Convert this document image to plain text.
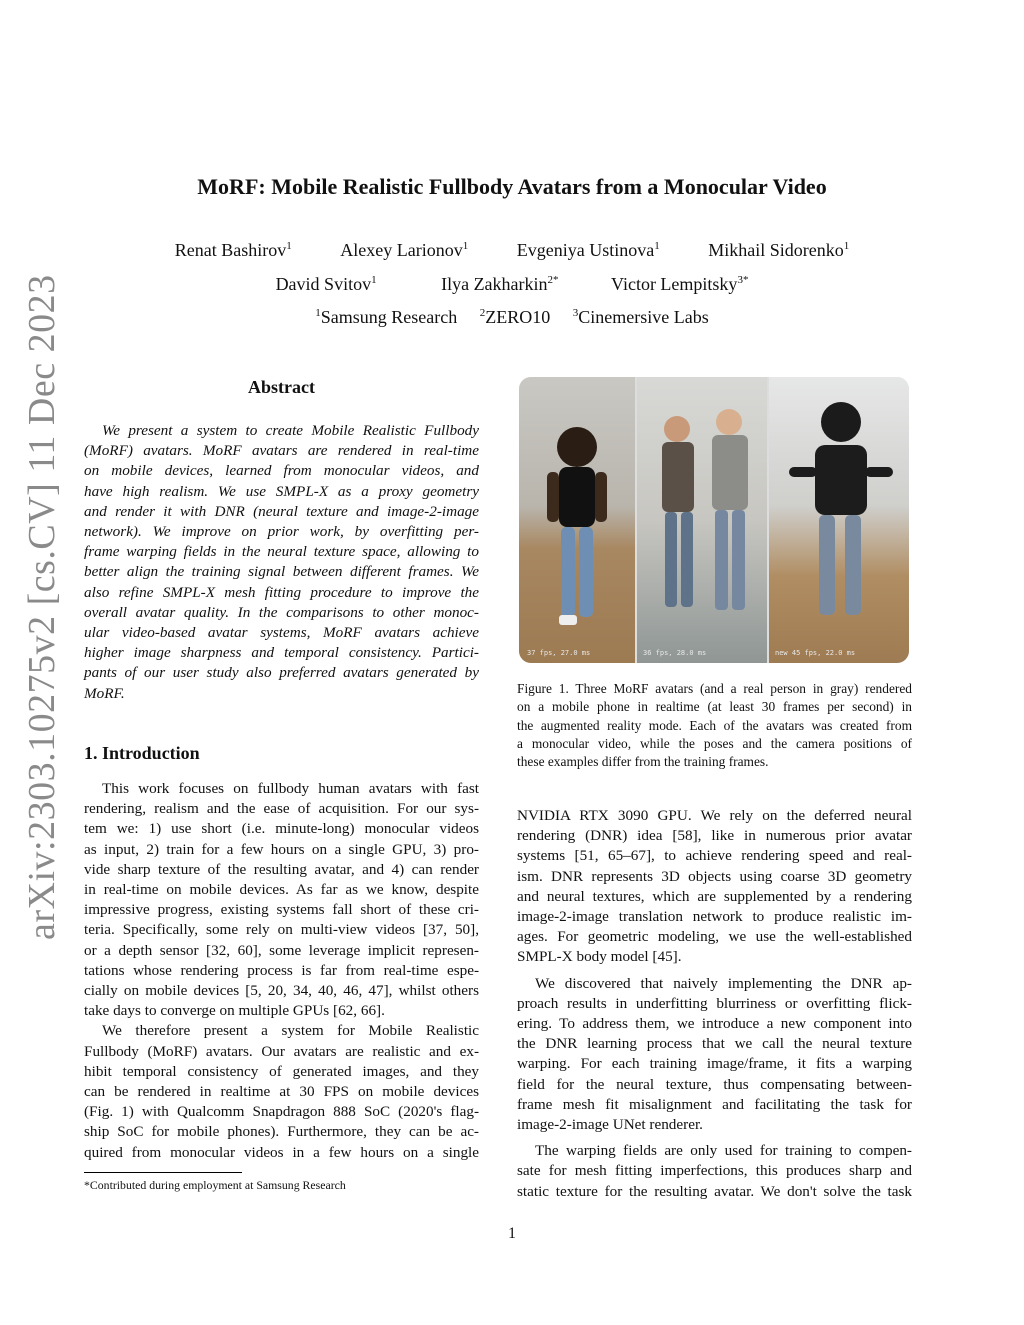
arXiv:2303.10275v2 [cs.CV] 11 Dec 2023
MoRF: Mobile Realistic Fullbody Avatars from a Monocular Video
Renat Bashirov$^1$	Alexey Larionov$^1$	Evgeniya Ustinova$^1$	Mikhail Sidorenko$^1$
David Svitov$^1$	Ilya Zakharkin$^{2*}$	Victor Lempitsky$^{3*}$
$^1$Samsung Research $^2$ZERO10 $^3$Cinemersive Labs
Abstract
We present a system to create Mobile Realistic Fullbody
(MoRF) avatars. MoRF avatars are rendered in real-time
on mobile devices, learned from monocular videos, and
have high realism. We use SMPL-X as a proxy geometry
and render it with DNR (neural texture and image-2-image
network). We improve on prior work, by overfitting per-
frame warping fields in the neural texture space, allowing to
better align the training signal between different frames. We
also refine SMPL-X mesh fitting procedure to improve the
overall avatar quality. In the comparisons to other monoc-
ular video-based avatar systems, MoRF avatars achieve
higher image sharpness and temporal consistency. Partici-
pants of our user study also preferred avatars generated by
MoRF.
1. Introduction
This work focuses on fullbody human avatars with fast
rendering, realism and the ease of acquisition. For our sys-
tem we: 1) use short (i.e. minute-long) monocular videos
as input, 2) train for a few hours on a single GPU, 3) pro-
vide sharp texture of the resulting avatar, and 4) can render
in real-time on mobile devices. As far as we know, despite
impressive progress, existing systems fall short of these cri-
teria. Specifically, some rely on multi-view videos [37, 50],
or a depth sensor [32, 60], some leverage implicit represen-
tations whose rendering process is far from real-time espe-
cially on mobile devices [5, 20, 34, 40, 46, 47], whilst others
take days to converge on multiple GPUs [62, 66].
We therefore present a system for Mobile Realistic
Fullbody (MoRF) avatars. Our avatars are realistic and ex-
hibit temporal consistency of generated images, and they
can be rendered in realtime at 30 FPS on mobile devices
(Fig. 1) with Qualcomm Snapdragon 888 SoC (2020's flag-
ship SoC for mobile phones). Furthermore, they can be ac-
quired from monocular videos in a few hours on a single
*Contributed during employment at Samsung Research
37 fps, 27.0 ms	36 fps, 28.0 ms	new 45 fps, 22.0 ms
Figure 1. Three MoRF avatars (and a real person in gray) rendered
on a mobile phone in realtime (at least 30 frames per second) in
the augmented reality mode. Each of the avatars was created from
a monocular video, while the poses and the camera positions of
these examples differ from the training frames.
NVIDIA RTX 3090 GPU. We rely on the deferred neural
rendering (DNR) idea [58], like in numerous prior avatar
systems [51, 65–67], to achieve rendering speed and real-
ism. DNR represents 3D objects using coarse 3D geometry
and neural textures, which are supplemented by a rendering
image-2-image translation network to produce realistic im-
ages. For geometric modeling, we use the well-established
SMPL-X body model [45].
We discovered that naively implementing the DNR ap-
proach results in underfitting blurriness or overfitting flick-
ering. To address them, we introduce a new component into
the DNR learning process that we call the neural texture
warping. For each training image/frame, it fits a warping
field for the neural texture, thus compensating between-
frame mesh fit misalignment and facilitating the task for
image-2-image UNet renderer.
The warping fields are only used for training to compen-
sate for mesh fitting imperfections, this produces sharp and
static texture for the resulting avatar. We don't solve the task
1
